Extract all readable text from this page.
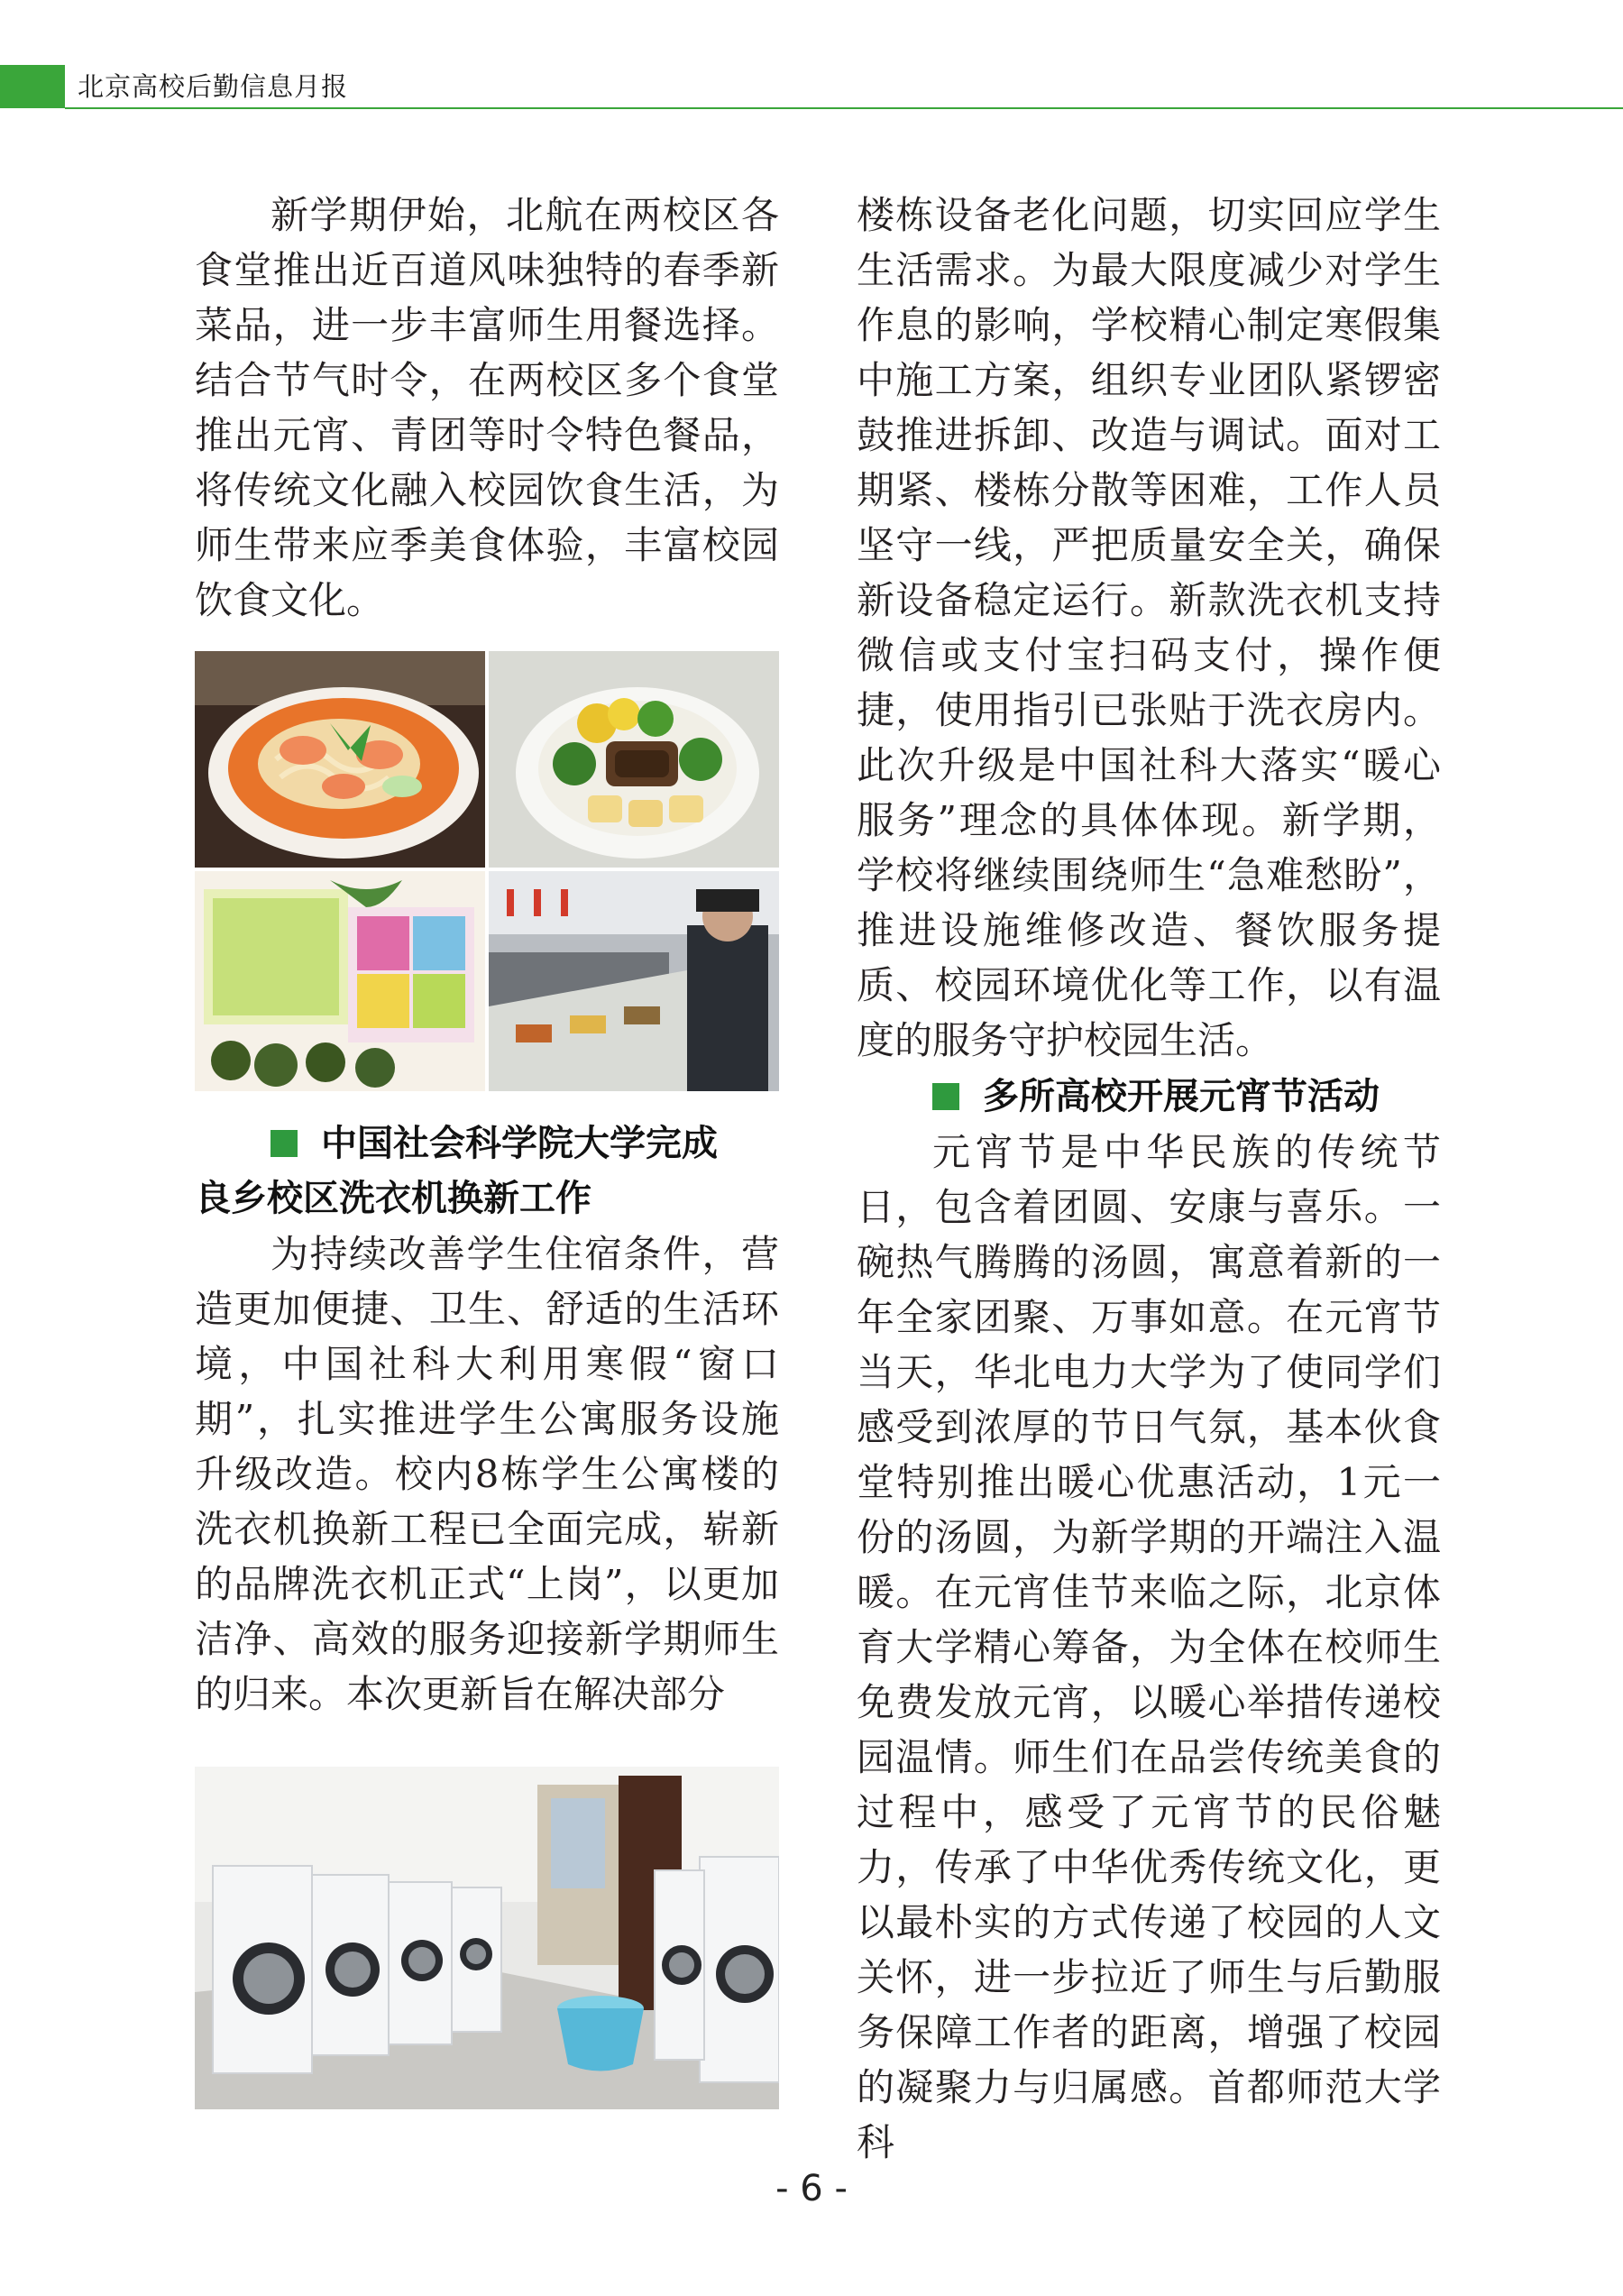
北京高校后勤信息月报

新学期伊始，北航在两校区各食堂推出近百道风味独特的春季新菜品，进一步丰富师生用餐选择。结合节气时令，在两校区多个食堂推出元宵、青团等时令特色餐品，将传统文化融入校园饮食生活，为师生带来应季美食体验，丰富校园饮食文化。

中国社会科学院大学完成

良乡校区洗衣机换新工作

为持续改善学生住宿条件，营造更加便捷、卫生、舒适的生活环境，中国社科大利用寒假“窗口期”，扎实推进学生公寓服务设施升级改造。校内8栋学生公寓楼的洗衣机换新工程已全面完成，崭新的品牌洗衣机正式“上岗”，以更加洁净、高效的服务迎接新学期师生的归来。本次更新旨在解决部分

楼栋设备老化问题，切实回应学生生活需求。为最大限度减少对学生作息的影响，学校精心制定寒假集中施工方案，组织专业团队紧锣密鼓推进拆卸、改造与调试。面对工期紧、楼栋分散等困难，工作人员坚守一线，严把质量安全关，确保新设备稳定运行。新款洗衣机支持微信或支付宝扫码支付，操作便捷，使用指引已张贴于洗衣房内。此次升级是中国社科大落实“暖心服务”理念的具体体现。新学期，学校将继续围绕师生“急难愁盼”，推进设施维修改造、餐饮服务提质、校园环境优化等工作，以有温度的服务守护校园生活。

多所高校开展元宵节活动

元宵节是中华民族的传统节日，包含着团圆、安康与喜乐。一碗热气腾腾的汤圆，寓意着新的一年全家团聚、万事如意。在元宵节当天，华北电力大学为了使同学们感受到浓厚的节日气氛，基本伙食堂特别推出暖心优惠活动，1元一份的汤圆，为新学期的开端注入温暖。在元宵佳节来临之际，北京体育大学精心筹备，为全体在校师生免费发放元宵，以暖心举措传递校园温情。师生们在品尝传统美食的过程中，感受了元宵节的民俗魅力，传承了中华优秀传统文化，更以最朴实的方式传递了校园的人文关怀，进一步拉近了师生与后勤服务保障工作者的距离，增强了校园的凝聚力与归属感。首都师范大学科

- 6 -
